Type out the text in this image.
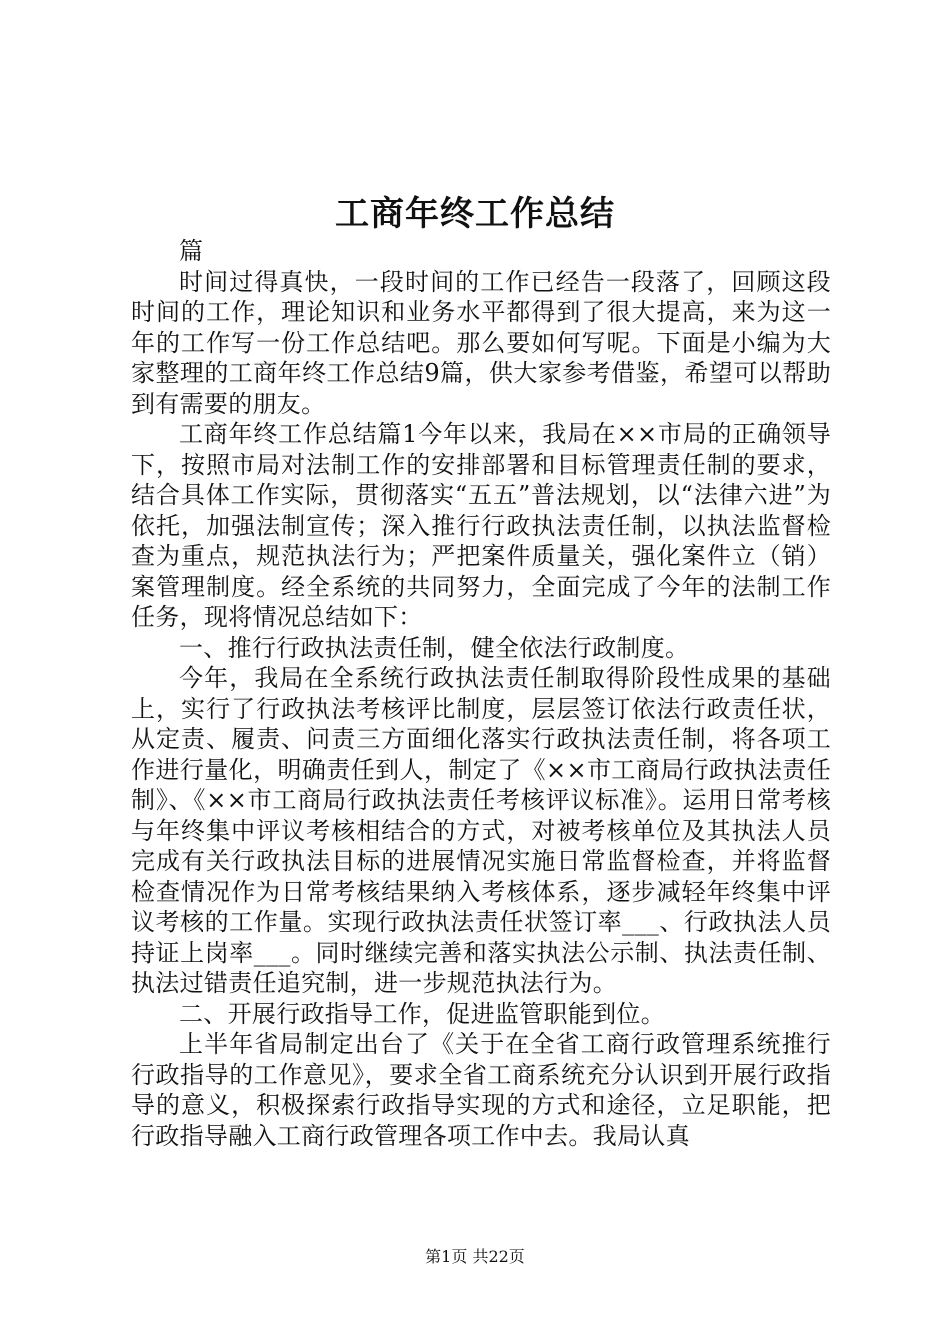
工商年终工作总结

篇

时间过得真快，一段时间的工作已经告一段落了，回顾这段时间的工作，理论知识和业务水平都得到了很大提高，来为这一年的工作写一份工作总结吧。那么要如何写呢。下面是小编为大家整理的工商年终工作总结9篇，供大家参考借鉴，希望可以帮助到有需要的朋友。

工商年终工作总结篇1今年以来，我局在××市局的正确领导下，按照市局对法制工作的安排部署和目标管理责任制的要求，结合具体工作实际，贯彻落实“五五”普法规划，以“法律六进”为依托，加强法制宣传；深入推行行政执法责任制，以执法监督检查为重点，规范执法行为；严把案件质量关，强化案件立（销）案管理制度。经全系统的共同努力，全面完成了今年的法制工作任务，现将情况总结如下：

一、推行行政执法责任制，健全依法行政制度。

今年，我局在全系统行政执法责任制取得阶段性成果的基础上，实行了行政执法考核评比制度，层层签订依法行政责任状，从定责、履责、问责三方面细化落实行政执法责任制，将各项工作进行量化，明确责任到人，制定了《××市工商局行政执法责任制》、《××市工商局行政执法责任考核评议标准》。运用日常考核与年终集中评议考核相结合的方式，对被考核单位及其执法人员完成有关行政执法目标的进展情况实施日常监督检查，并将监督检查情况作为日常考核结果纳入考核体系，逐步减轻年终集中评议考核的工作量。实现行政执法责任状签订率___、行政执法人员持证上岗率___。同时继续完善和落实执法公示制、执法责任制、执法过错责任追究制，进一步规范执法行为。

二、开展行政指导工作，促进监管职能到位。

上半年省局制定出台了《关于在全省工商行政管理系统推行行政指导的工作意见》，要求全省工商系统充分认识到开展行政指导的意义，积极探索行政指导实现的方式和途径，立足职能，把行政指导融入工商行政管理各项工作中去。我局认真

第1页 共22页
